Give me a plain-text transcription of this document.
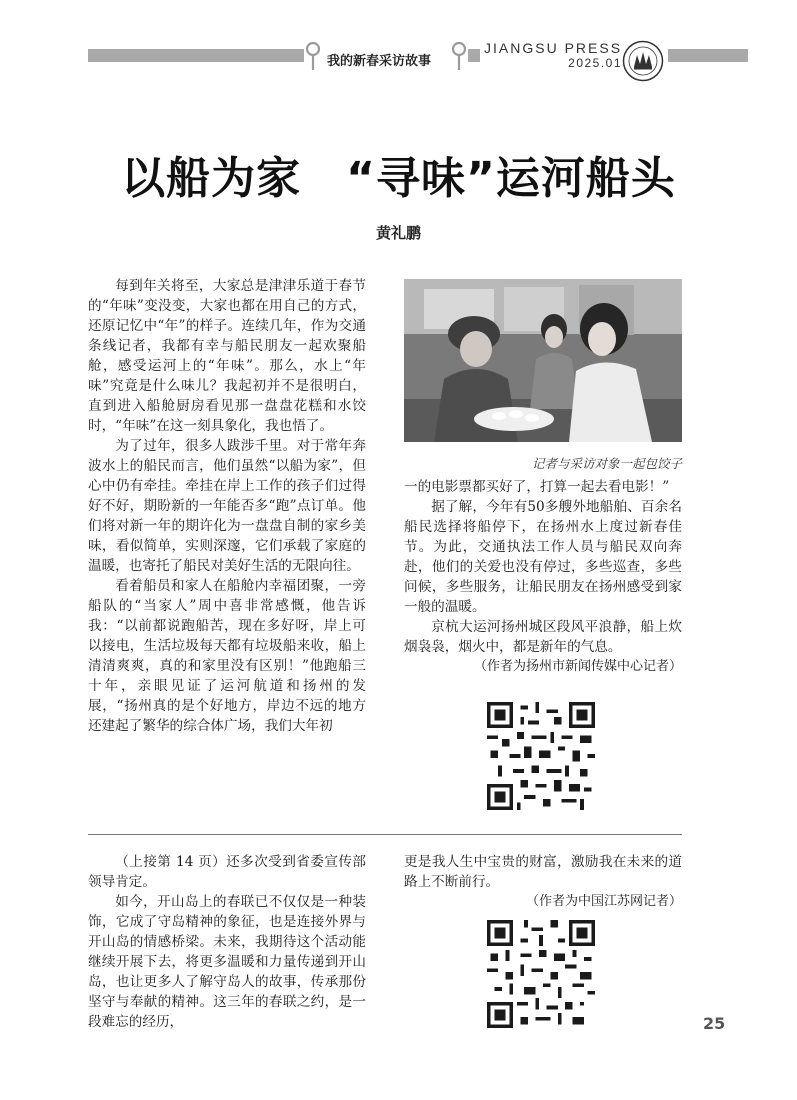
我的新春采访故事
JIANGSU PRESS
2025.01
以船为家　“寻味”运河船头
黄礼鹏

每到年关将至，大家总是津津乐道于春节的“年味”变没变，大家也都在用自己的方式，还原记忆中“年”的样子。连续几年，作为交通条线记者，我都有幸与船民朋友一起欢聚船舱，感受运河上的“年味”。那么，水上“年味”究竟是什么味儿？我起初并不是很明白，直到进入船舱厨房看见那一盘盘花糕和水饺时，“年味”在这一刻具象化，我也悟了。

为了过年，很多人跋涉千里。对于常年奔波水上的船民而言，他们虽然“以船为家”，但心中仍有牵挂。牵挂在岸上工作的孩子们过得好不好，期盼新的一年能否多“跑”点订单。他们将对新一年的期许化为一盘盘自制的家乡美味，看似简单，实则深邃，它们承载了家庭的温暖，也寄托了船民对美好生活的无限向往。

看着船员和家人在船舱内幸福团聚，一旁船队的“当家人”周中喜非常感慨，他告诉我：“以前都说跑船苦，现在多好呀，岸上可以接电，生活垃圾每天都有垃圾船来收，船上清清爽爽，真的和家里没有区别！”他跑船三十年，亲眼见证了运河航道和扬州的发展，“扬州真的是个好地方，岸边不远的地方还建起了繁华的综合体广场，我们大年初

记者与采访对象一起包饺子

一的电影票都买好了，打算一起去看电影！”

据了解，今年有50多艘外地船舶、百余名船民选择将船停下，在扬州水上度过新春佳节。为此，交通执法工作人员与船民双向奔赴，他们的关爱也没有停过，多些巡查，多些问候，多些服务，让船民朋友在扬州感受到家一般的温暖。

京杭大运河扬州城区段风平浪静，船上炊烟袅袅，烟火中，都是新年的气息。

（作者为扬州市新闻传媒中心记者）

（上接第 14 页）还多次受到省委宣传部领导肯定。

如今，开山岛上的春联已不仅仅是一种装饰，它成了守岛精神的象征，也是连接外界与开山岛的情感桥梁。未来，我期待这个活动能继续开展下去，将更多温暖和力量传递到开山岛，也让更多人了解守岛人的故事，传承那份坚守与奉献的精神。这三年的春联之约，是一段难忘的经历，

更是我人生中宝贵的财富，激励我在未来的道路上不断前行。

（作者为中国江苏网记者）

25
